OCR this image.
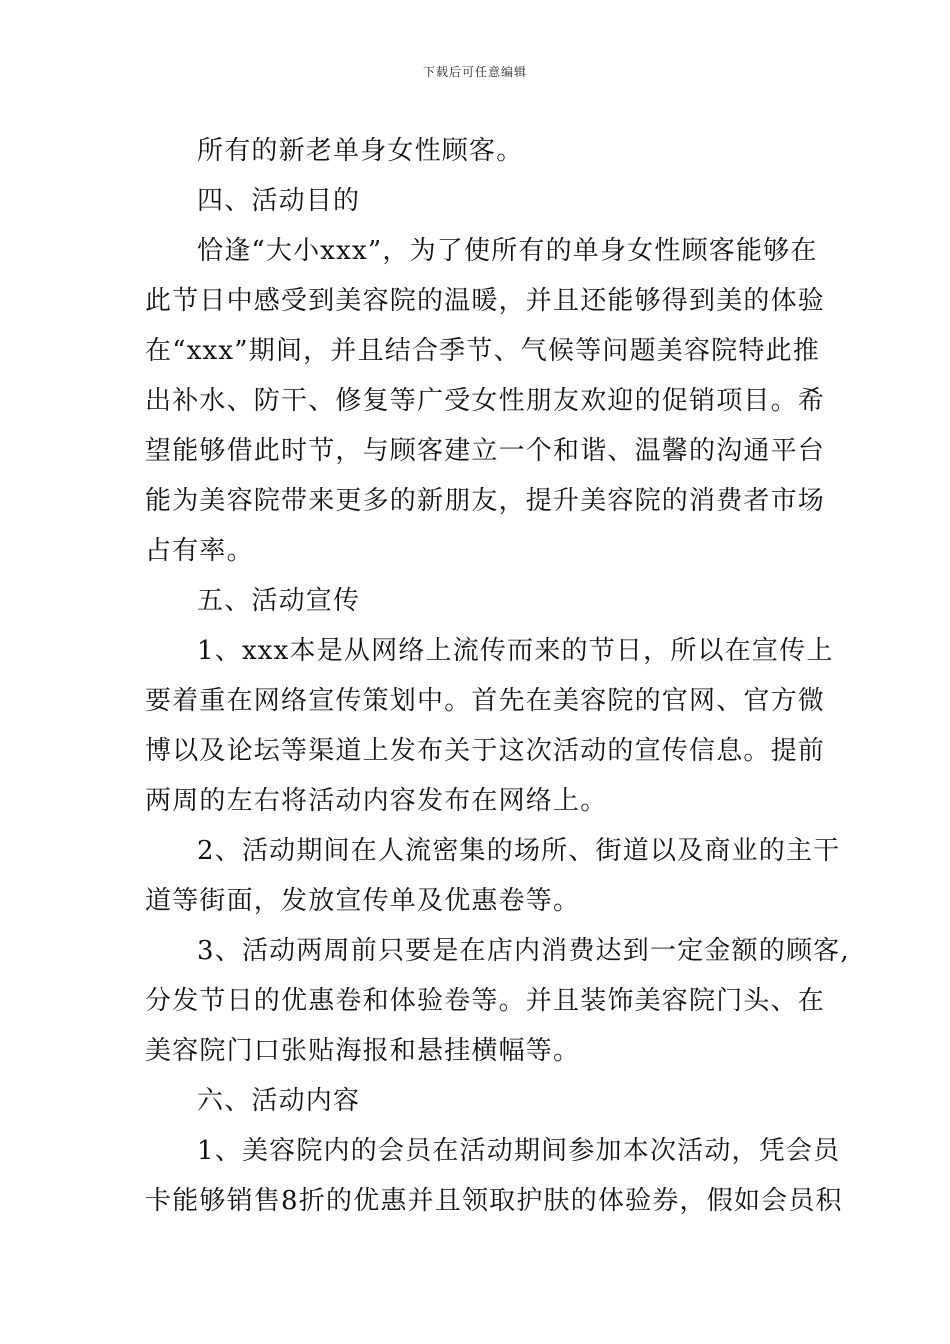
下载后可任意编辑

所有的新老单身女性顾客。

四、活动目的

恰逢“大小xxx”，为了使所有的单身女性顾客能够在

此节日中感受到美容院的温暖，并且还能够得到美的体验

在“xxx”期间，并且结合季节、气候等问题美容院特此推

出补水、防干、修复等广受女性朋友欢迎的促销项目。希

望能够借此时节，与顾客建立一个和谐、温馨的沟通平台

能为美容院带来更多的新朋友，提升美容院的消费者市场

占有率。

五、活动宣传

1、xxx本是从网络上流传而来的节日，所以在宣传上

要着重在网络宣传策划中。首先在美容院的官网、官方微

博以及论坛等渠道上发布关于这次活动的宣传信息。提前

两周的左右将活动内容发布在网络上。

2、活动期间在人流密集的场所、街道以及商业的主干

道等街面，发放宣传单及优惠卷等。

3、活动两周前只要是在店内消费达到一定金额的顾客,

分发节日的优惠卷和体验卷等。并且装饰美容院门头、在

美容院门口张贴海报和悬挂横幅等。

六、活动内容

1、美容院内的会员在活动期间参加本次活动，凭会员

卡能够销售8折的优惠并且领取护肤的体验券，假如会员积
